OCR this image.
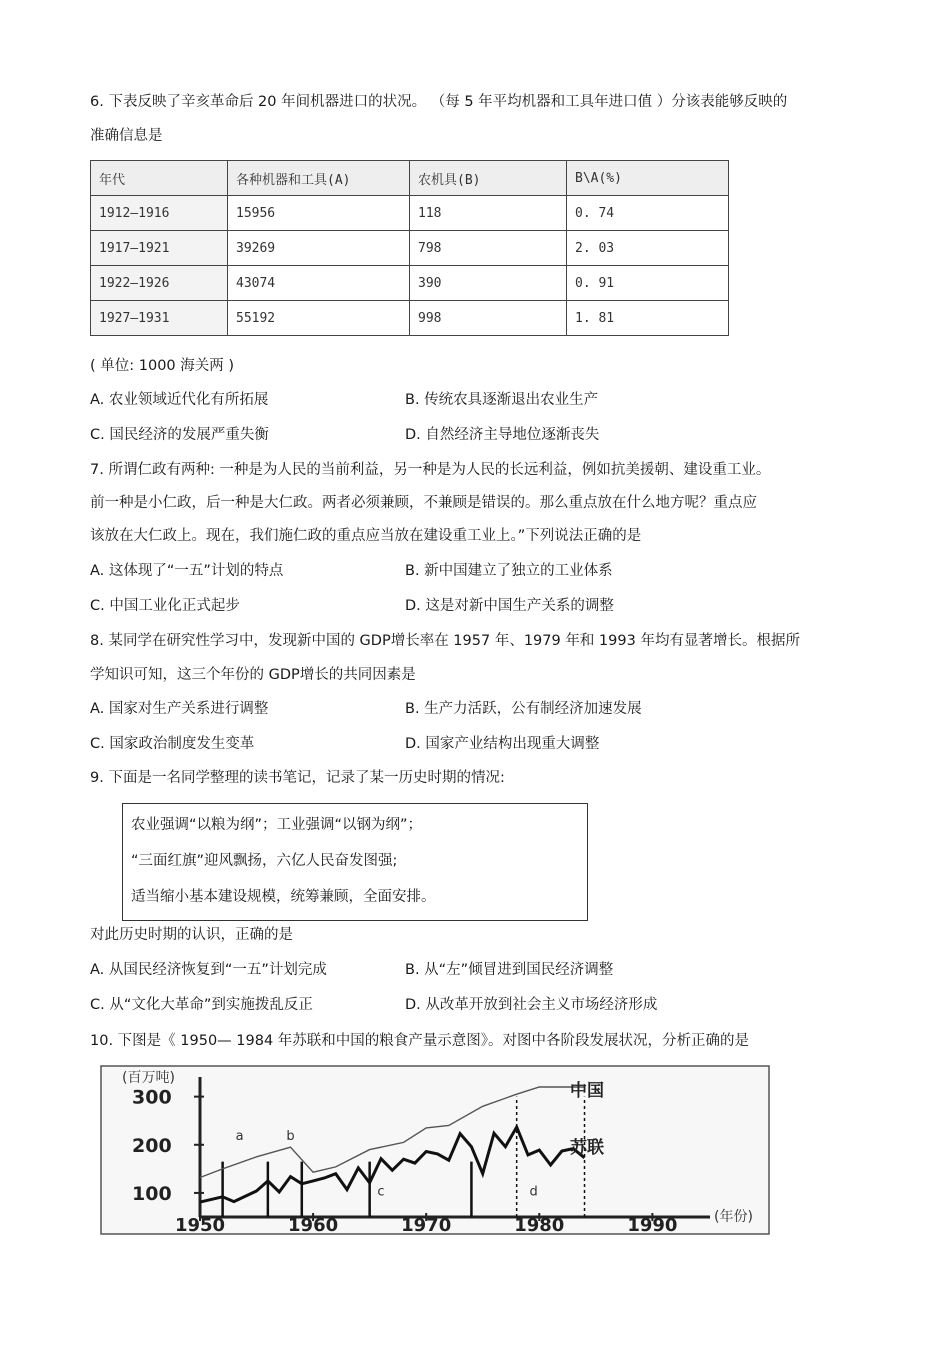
6. 下表反映了辛亥革命后 20 年间机器进口的状况。 （每 5 年平均机器和工具年进口值 ）分该表能够反映的
准确信息是
年代	各种机器和工具(A)	农机具(B)	B\A(%)
1912—1916	15956	118	0. 74
1917—1921	39269	798	2. 03
1922—1926	43074	390	0. 91
1927—1931	55192	998	1. 81
( 单位: 1000 海关两 )
A. 农业领域近代化有所拓展	B. 传统农具逐渐退出农业生产
C. 国民经济的发展严重失衡	D. 自然经济主导地位逐渐丧失
7. 所谓仁政有两种: 一种是为人民的当前利益，另一种是为人民的长远利益，例如抗美援朝、建设重工业。
前一种是小仁政，后一种是大仁政。两者必须兼顾，不兼顾是错误的。那么重点放在什么地方呢？重点应
该放在大仁政上。现在，我们施仁政的重点应当放在建设重工业上。”下列说法正确的是
A. 这体现了“一五”计划的特点	B. 新中国建立了独立的工业体系
C. 中国工业化正式起步	D. 这是对新中国生产关系的调整
8. 某同学在研究性学习中，发现新中国的 GDP增长率在 1957 年、1979 年和 1993 年均有显著增长。根据所
学知识可知，这三个年份的 GDP增长的共同因素是
A. 国家对生产关系进行调整	B. 生产力活跃，公有制经济加速发展
C. 国家政治制度发生变革	D. 国家产业结构出现重大调整
9. 下面是一名同学整理的读书笔记，记录了某一历史时期的情况:
农业强调“以粮为纲”；工业强调“以钢为纲”；
“三面红旗”迎风飘扬，六亿人民奋发图强;
适当缩小基本建设规模，统筹兼顾，全面安排。
对此历史时期的认识，正确的是
A. 从国民经济恢复到“一五”计划完成	B. 从“左”倾冒进到国民经济调整
C. 从“文化大革命”到实施拨乱反正	D. 从改革开放到社会主义市场经济形成
10. 下图是《 1950— 1984 年苏联和中国的粮食产量示意图》。对图中各阶段发展状况，分析正确的是
100
200
300
1950	1960	1970	1980	1990
(百万吨)
(年份)
a	b
c	d
中国
苏联
